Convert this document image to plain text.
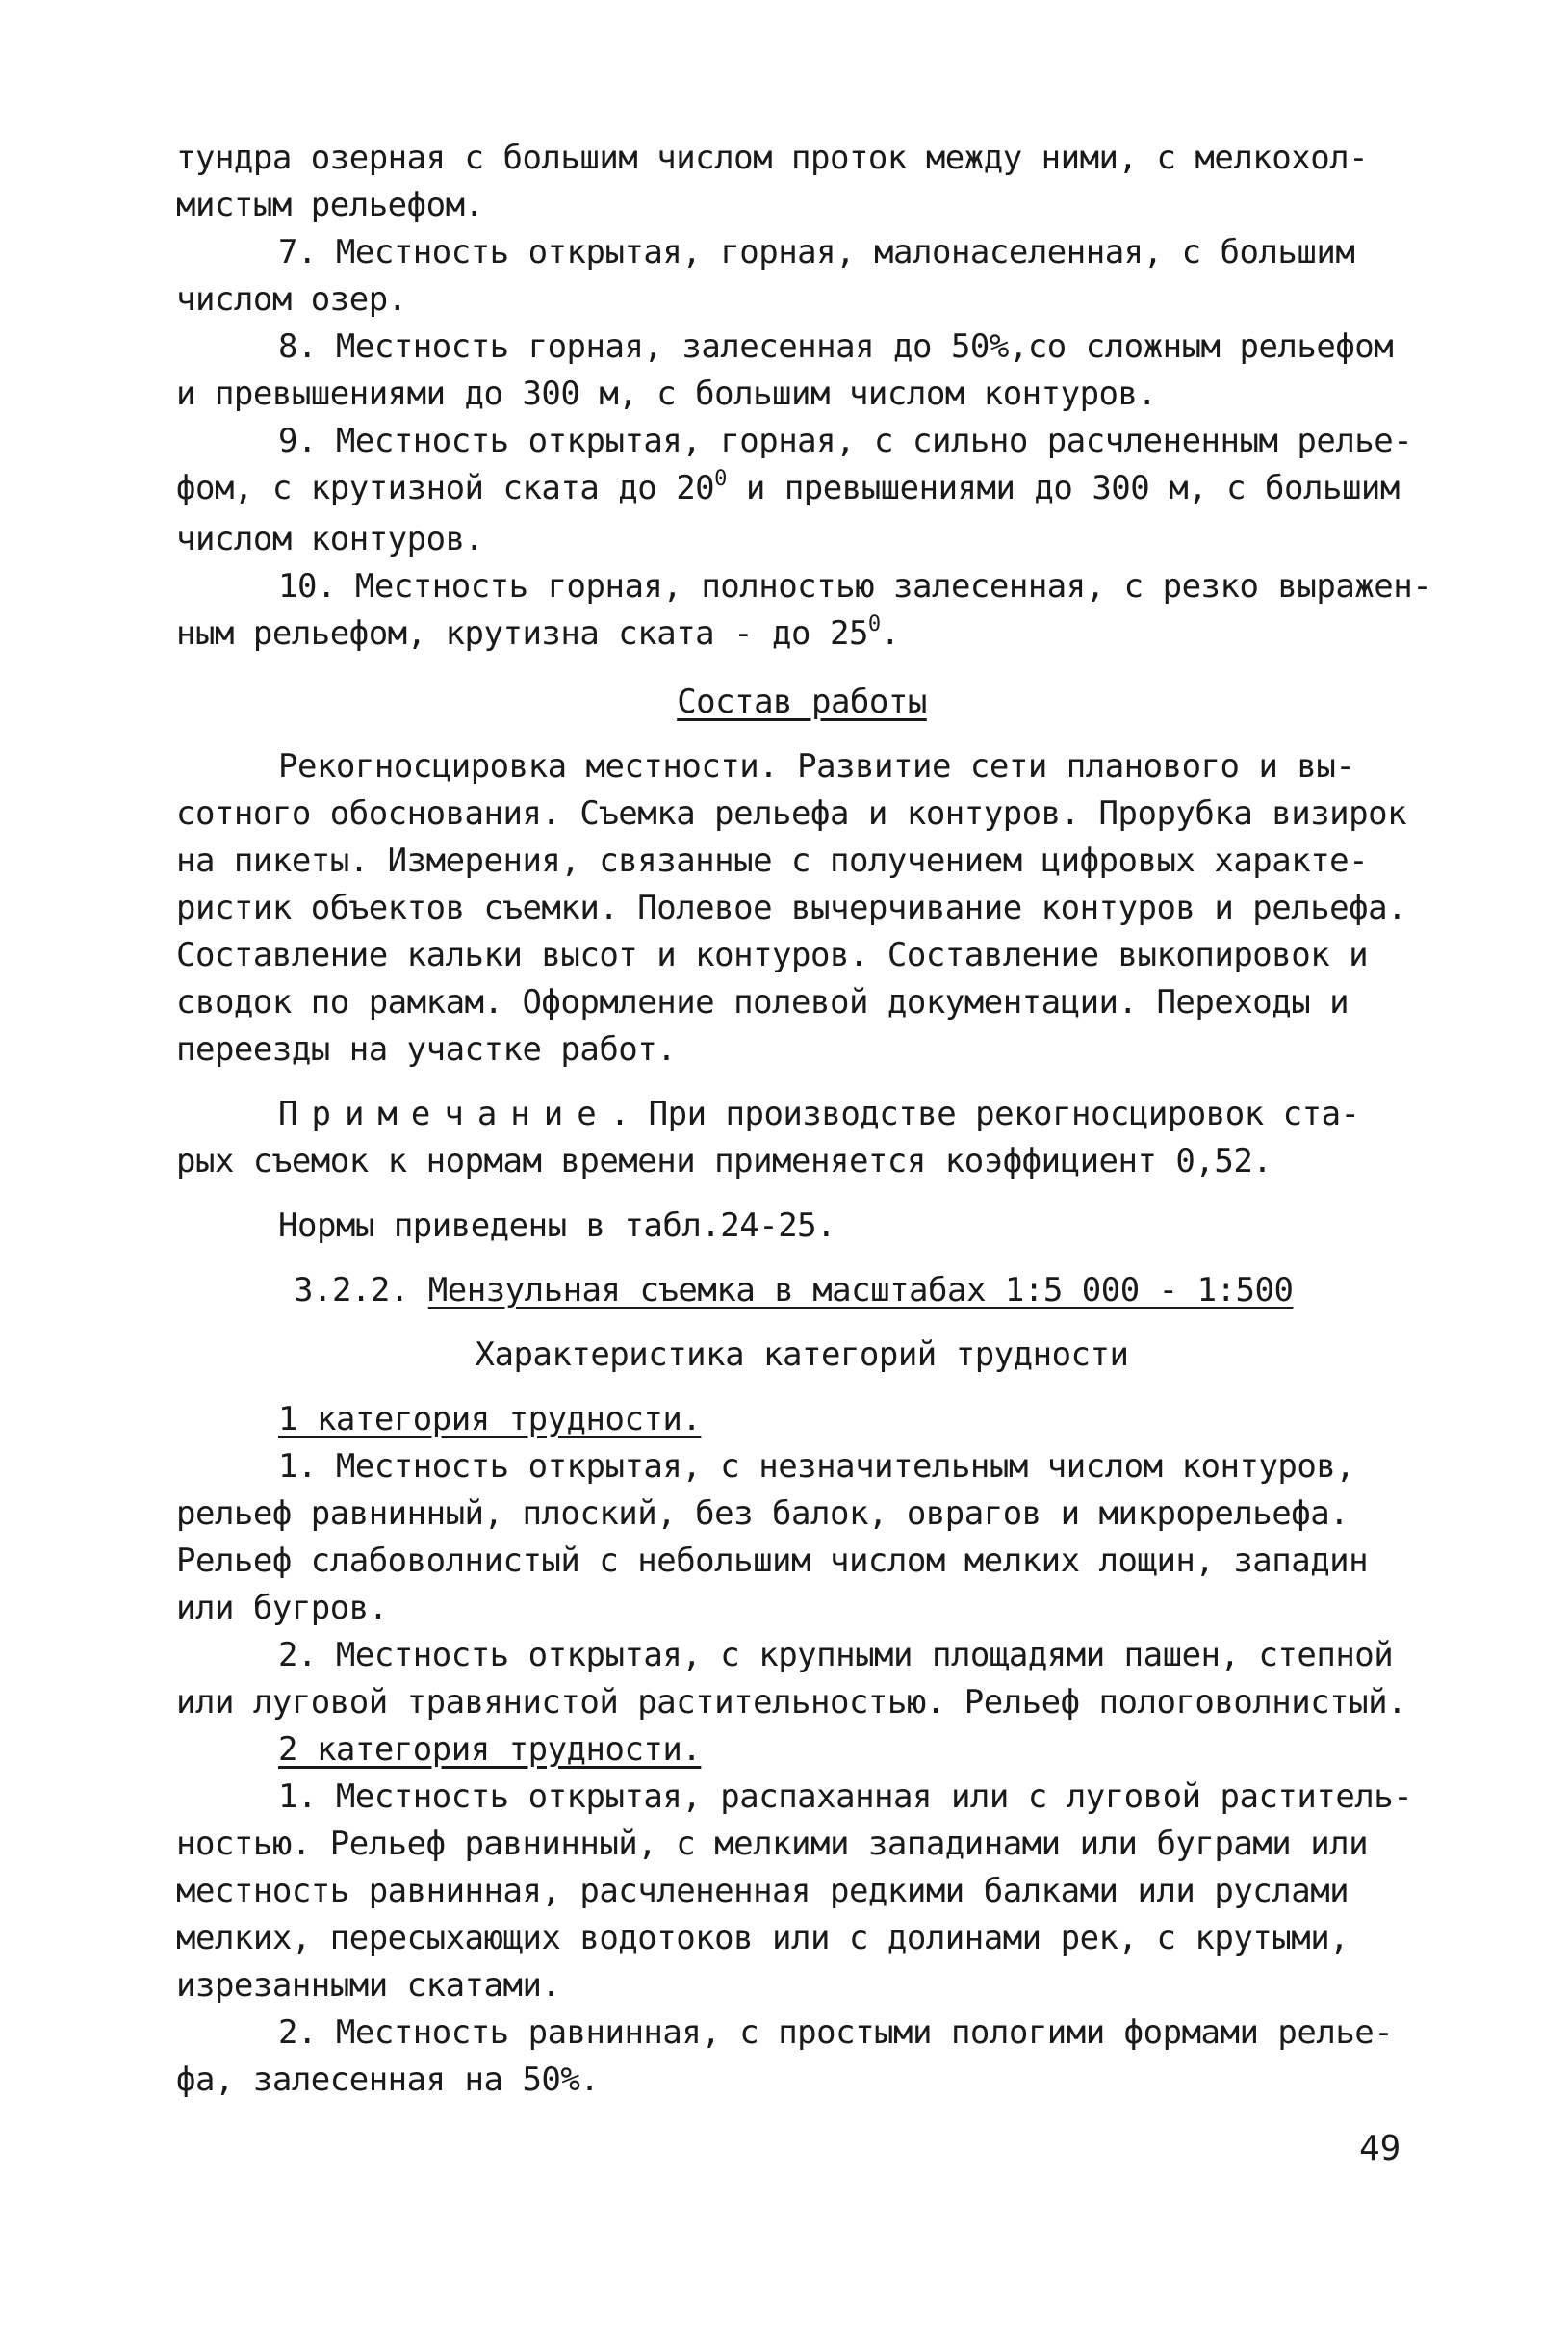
тундра озерная с большим числом проток между ними, с мелкохол-
мистым рельефом.
7. Местность открытая, горная, малонаселенная, с большим
числом озер.
8. Местность горная, залесенная до 50%,со сложным рельефом
и превышениями до 300 м, с большим числом контуров.
9. Местность открытая, горная, с сильно расчлененным релье-
фом, с крутизной ската до $20^0$ и превышениями до 300 м, с большим
числом контуров.
10. Местность горная, полностью залесенная, с резко выражен-
ным рельефом, крутизна ската - до $25^0$.
Состав работы
Рекогносцировка местности. Развитие сети планового и вы-
сотного обоснования. Съемка рельефа и контуров. Прорубка визирок
на пикеты. Измерения, связанные с получением цифровых характе-
ристик объектов съемки. Полевое вычерчивание контуров и рельефа.
Составление кальки высот и контуров. Составление выкопировок и
сводок по рамкам. Оформление полевой документации. Переходы и
переезды на участке работ.
Примечание. При производстве рекогносцировок ста-
рых съемок к нормам времени применяется коэффициент 0,52.
Нормы приведены в табл.24-25.
3.2.2. Мензульная съемка в масштабах 1:5 000 - 1:500
Характеристика категорий трудности
1 категория трудности.
1. Местность открытая, с незначительным числом контуров,
рельеф равнинный, плоский, без балок, оврагов и микрорельефа.
Рельеф слабоволнистый с небольшим числом мелких лощин, западин
или бугров.
2. Местность открытая, с крупными площадями пашен, степной
или луговой травянистой растительностью. Рельеф пологоволнистый.
2 категория трудности.
1. Местность открытая, распаханная или с луговой раститель-
ностью. Рельеф равнинный, с мелкими западинами или буграми или
местность равнинная, расчлененная редкими балками или руслами
мелких, пересыхающих водотоков или с долинами рек, с крутыми,
изрезанными скатами.
2. Местность равнинная, с простыми пологими формами релье-
фа, залесенная на 50%.
49
